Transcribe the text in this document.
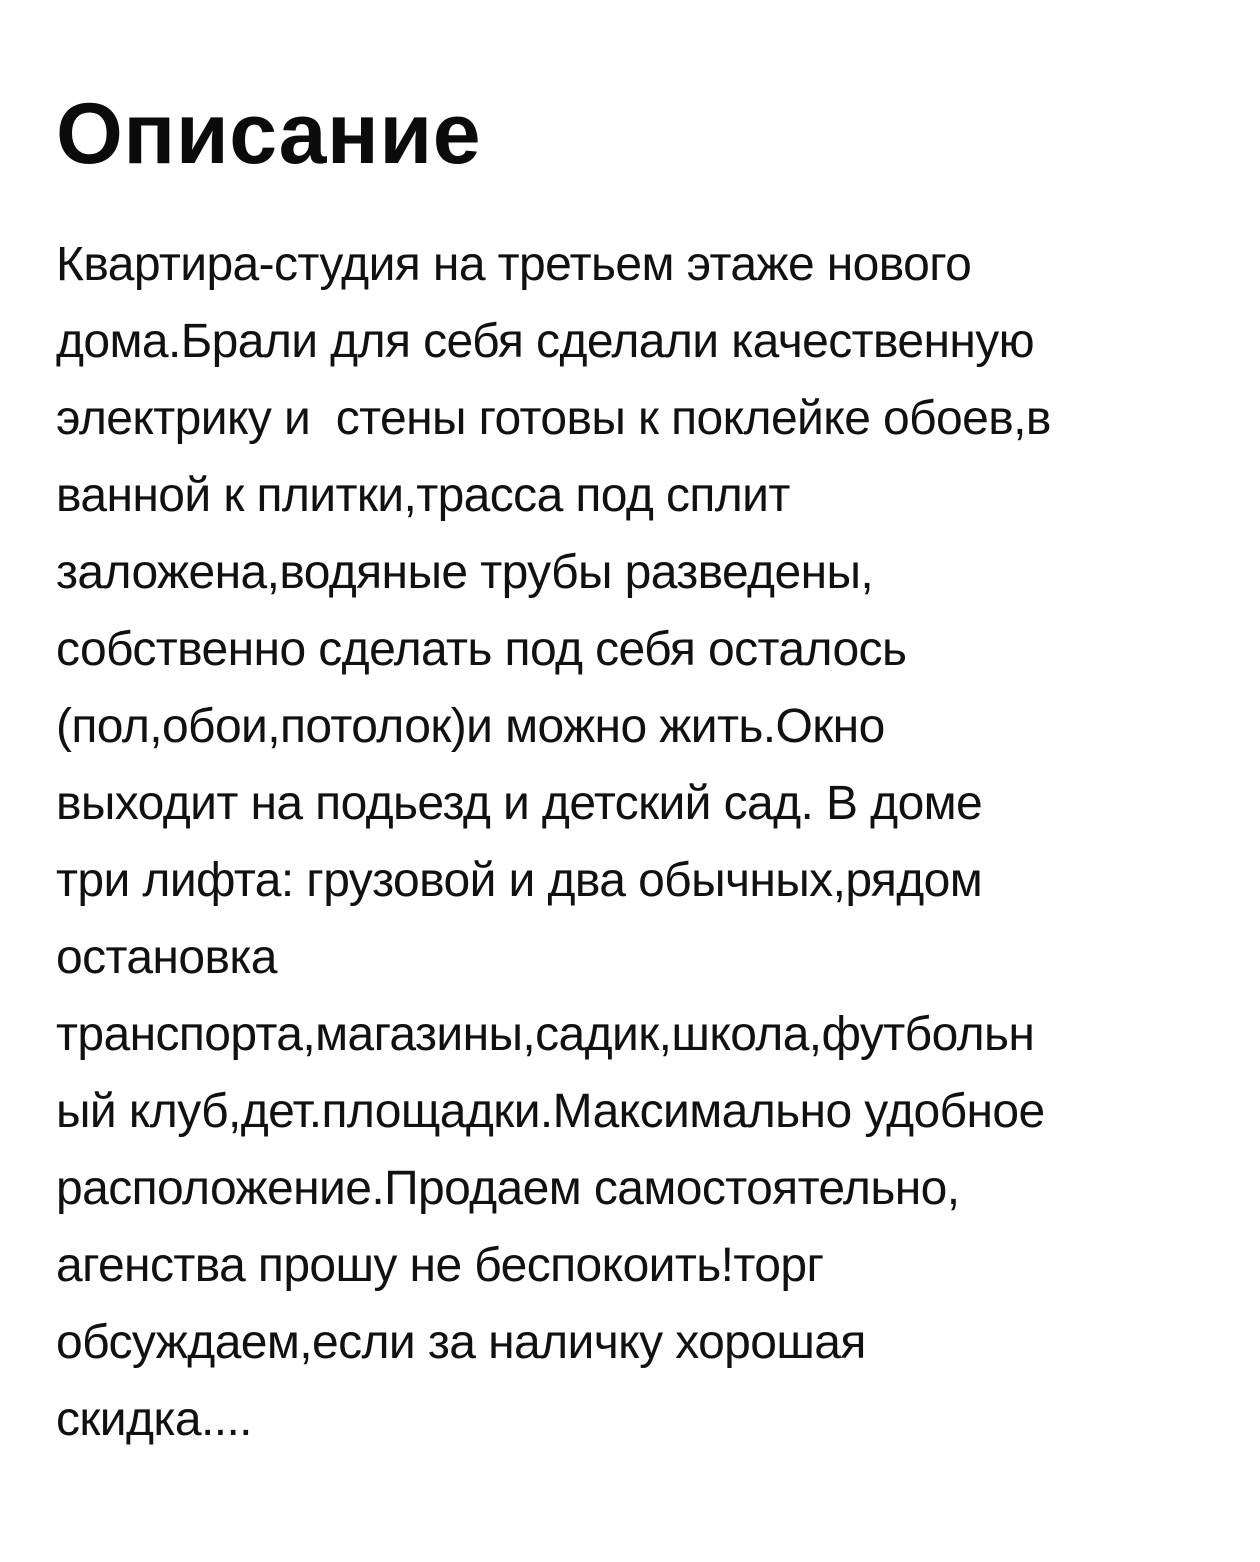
Описание
Квартира-студия на третьем этаже нового
дома.Брали для себя сделали качественную
электрику и  стены готовы к поклейке обоев,в
ванной к плитки,трасса под сплит
заложена,водяные трубы разведены,
собственно сделать под себя осталось
(пол,обои,потолок)и можно жить.Окно
выходит на подьезд и детский сад. В доме
три лифта: грузовой и два обычных,рядом
остановка
транспорта,магазины,садик,школа,футбольн
ый клуб,дет.площадки.Максимально удобное
расположение.Продаем самостоятельно,
агенства прошу не беспокоить!торг
обсуждаем,если за наличку хорошая
скидка....
